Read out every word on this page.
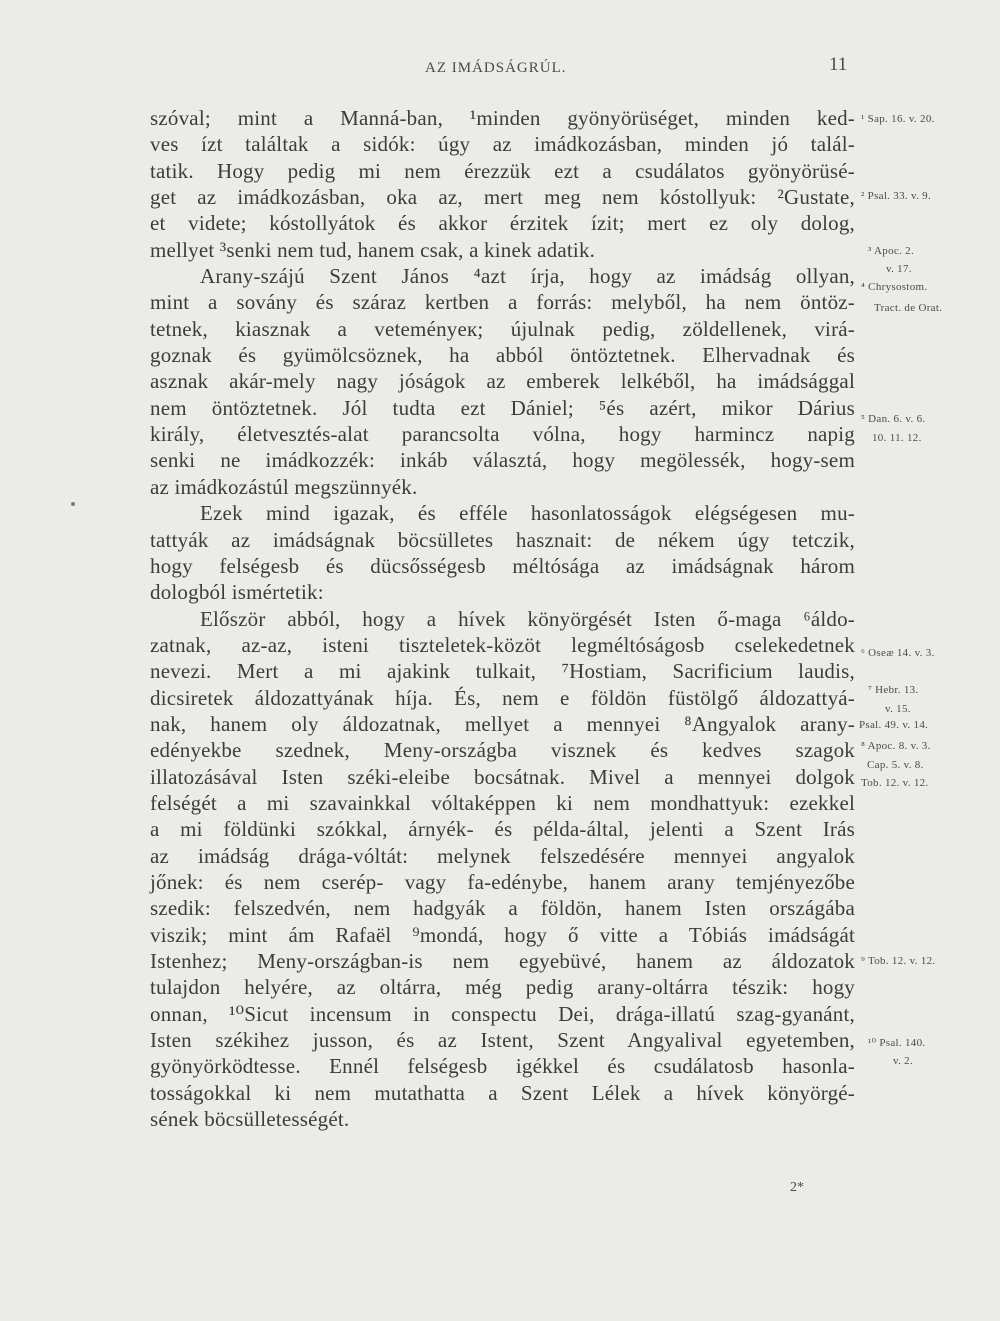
AZ IMÁDSÁGRÚL.	11
szóval; mint a Manná-ban, ¹minden gyönyörüséget, minden ked-
ves ízt találtak a sidók: úgy az imádkozásban, minden jó talál-
tatik. Hogy pedig mi nem érezzük ezt a csudálatos gyönyörüsé-
get az imádkozásban, oka az, mert meg nem kóstollyuk: ²Gustate,
et videte; kóstollyátok és akkor érzitek ízit; mert ez oly dolog,
mellyet ³senki nem tud, hanem csak, a kinek adatik.
Arany-szájú Szent János ⁴azt írja, hogy az imádság ollyan,
mint a sovány és száraz kertben a forrás: melyből, ha nem öntöz-
tetnek, kiasznak a veteményeк; újulnak pedig, zöldellenek, virá-
goznak és gyümölcsöznek, ha abból öntöztetnek. Elhervadnak és
asznak akár-mely nagy jóságok az emberek lelkéből, ha imádsággal
nem öntöztetnek. Jól tudta ezt Dániel; ⁵és azért, mikor Dárius
király, életvesztés-alat parancsolta vólna, hogy harmincz napig
senki ne imádkozzék: inkáb választá, hogy megölessék, hogy-sem
az imádkozástúl megszünnyék.
Ezek mind igazak, és efféle hasonlatosságok elégségesen mu-
tattyák az imádságnak böcsülletes hasznait: de nékem úgy tetczik,
hogy felségesb és dücsősségesb méltósága az imádságnak három
dologból ismértetik:
Először abból, hogy a hívek könyörgését Isten ő-maga ⁶áldo-
zatnak, az-az, isteni tiszteletek-közöt legméltóságosb cselekedetnek
nevezi. Mert a mi ajakink tulkait, ⁷Hostiam, Sacrificium laudis,
dicsiretek áldozattyának híja. És, nem e földön füstölgő áldozattyá-
nak, hanem oly áldozatnak, mellyet a mennyei ⁸Angyalok arany-
edényekbe szednek, Meny-országba visznek és kedves szagok
illatozásával Isten széki-eleibe bocsátnak. Mivel a mennyei dolgok
felségét a mi szavainkkal vóltaképpen ki nem mondhattyuk: ezekkel
a mi földünki szókkal, árnyék- és példa-által, jelenti a Szent Irás
az imádság drága-vóltát: melynek felszedésére mennyei angyalok
jőnek: és nem cserép- vagy fa-edénybe, hanem arany temjényezőbe
szedik: felszedvén, nem hadgyák a földön, hanem Isten országába
viszik; mint ám Rafaël ⁹mondá, hogy ő vitte a Tóbiás imádságát
Istenhez; Meny-országban-is nem egyebüvé, hanem az áldozatok
tulajdon helyére, az oltárra, még pedig arany-oltárra tészik: hogy
onnan, ¹⁰Sicut incensum in conspectu Dei, drága-illatú szag-gyanánt,
Isten székihez jusson, és az Istent, Szent Angyalival egyetemben,
gyönyörködtesse. Ennél felségesb igékkel és csudálatosb hasonla-
tosságokkal ki nem mutathatta a Szent Lélek a hívek könyörgé-
sének böcsülletességét.
¹ Sap. 16. v. 20.
² Psal. 33. v. 9.
³ Apoc. 2.
v. 17.
⁴ Chrysostom.
Tract. de Orat.
⁵ Dan. 6. v. 6.
10. 11. 12.
⁶ Oseæ 14. v. 3.
⁷ Hebr. 13.
v. 15.
Psal. 49. v. 14.
⁸ Apoc. 8. v. 3.
Cap. 5. v. 8.
Tob. 12. v. 12.
⁹ Tob. 12. v. 12.
¹⁰ Psal. 140.
v. 2.
2*
